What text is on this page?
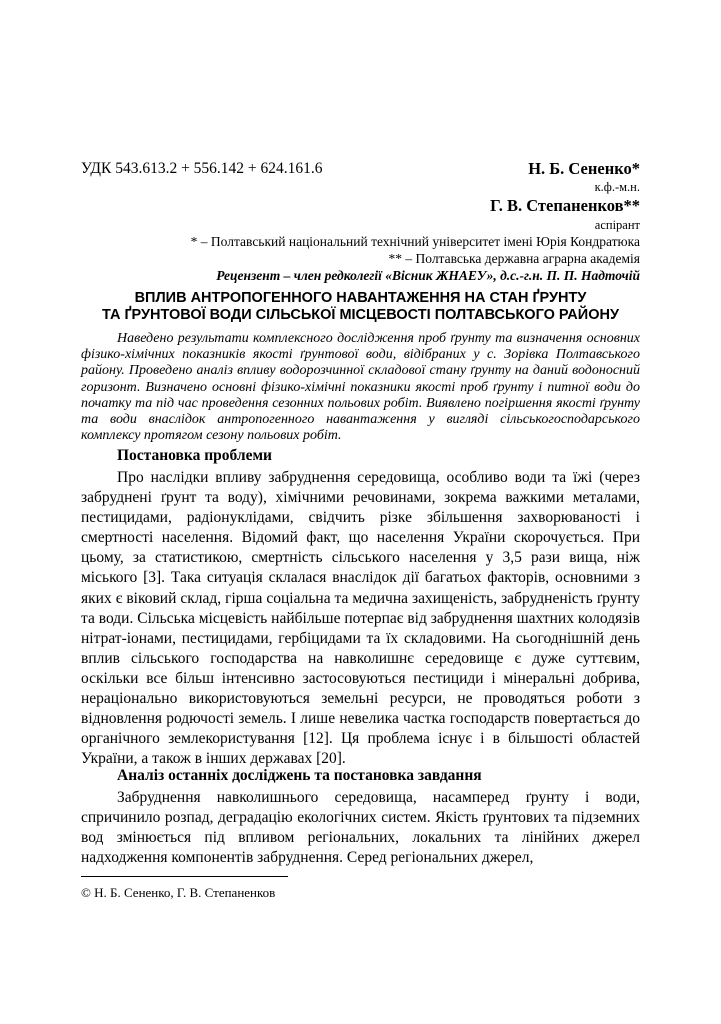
УДК 543.613.2 + 556.142 + 624.161.6	Н. Б. Сененко*
к.ф.-м.н.
Г. В. Степаненков**
аспірант
* – Полтавський національний технічний університет імені Юрія Кондратюка
** – Полтавська державна аграрна академія
Рецензент – член редколегії «Вісник ЖНАЕУ», д.с.-г.н. П. П. Надточій
ВПЛИВ АНТРОПОГЕННОГО НАВАНТАЖЕННЯ НА СТАН ҐРУНТУ
ТА ҐРУНТОВОЇ ВОДИ СІЛЬСЬКОЇ МІСЦЕВОСТІ ПОЛТАВСЬКОГО РАЙОНУ

Наведено результати комплексного дослідження проб ґрунту та визначення основних фізико-хімічних показників якості ґрунтової води, відібраних у с. Зорівка Полтавського району. Проведено аналіз впливу водорозчинної складової стану ґрунту на даний водоносний горизонт. Визначено основні фізико-хімічні показники якості проб ґрунту і питної води до початку та під час проведення сезонних польових робіт. Виявлено погіршення якості ґрунту та води внаслідок антропогенного навантаження у вигляді сільськогосподарського комплексу протягом сезону польових робіт.

Постановка проблеми

Про наслідки впливу забруднення середовища, особливо води та їжі (через забруднені ґрунт та воду), хімічними речовинами, зокрема важкими металами, пестицидами, радіонуклідами, свідчить різке збільшення захворюваності і смертності населення. Відомий факт, що населення України скорочується. При цьому, за статистикою, смертність сільського населення у 3,5 рази вища, ніж міського [3]. Така ситуація склалася внаслідок дії багатьох факторів, основними з яких є віковий склад, гірша соціальна та медична захищеність, забрудненість ґрунту та води. Сільська місцевість найбільше потерпає від забруднення шахтних колодязів нітрат-іонами, пестицидами, гербіцидами та їх складовими. На сьогоднішній день вплив сільського господарства на навколишнє середовище є дуже суттєвим, оскільки все більш інтенсивно застосовуються пестициди і мінеральні добрива, нераціонально використовуються земельні ресурси, не проводяться роботи з відновлення родючості земель. І лише невелика частка господарств повертається до органічного землекористування [12]. Ця проблема існує і в більшості областей України, а також в інших державах [20].

Аналіз останніх досліджень та постановка завдання

Забруднення навколишнього середовища, насамперед ґрунту і води, спричинило розпад, деградацію екологічних систем. Якість ґрунтових та підземних вод змінюється під впливом регіональних, локальних та лінійних джерел надходження компонентів забруднення. Серед регіональних джерел,

© Н. Б. Сененко, Г. В. Степаненков
